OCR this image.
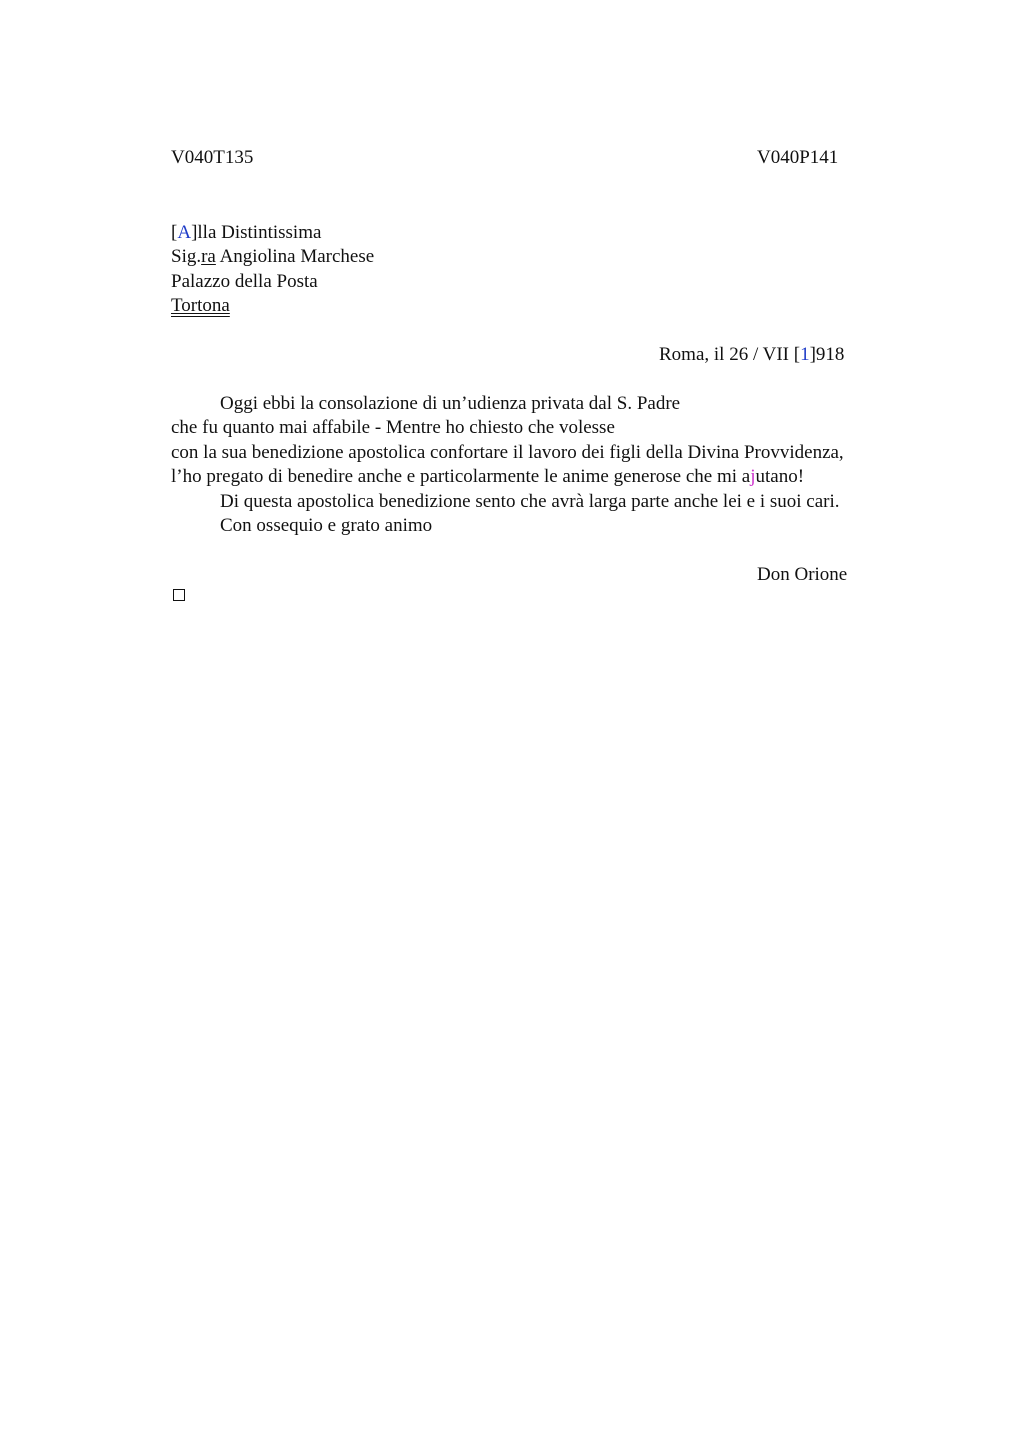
V040T135	V040P141
[A]lla Distintissima
Sig.ra Angiolina Marchese
Palazzo della Posta
Tortona
Roma, il 26 / VII [1]918
Oggi ebbi la consolazione di un’udienza privata dal S. Padre
che fu quanto mai affabile - Mentre ho chiesto che volesse
con la sua benedizione apostolica confortare il lavoro dei figli della Divina Provvidenza,
l’ho pregato di benedire anche e particolarmente le anime generose che mi ajutano!
Di questa apostolica benedizione sento che avrà larga parte anche lei e i suoi cari.
Con ossequio e grato animo
Don Orione
